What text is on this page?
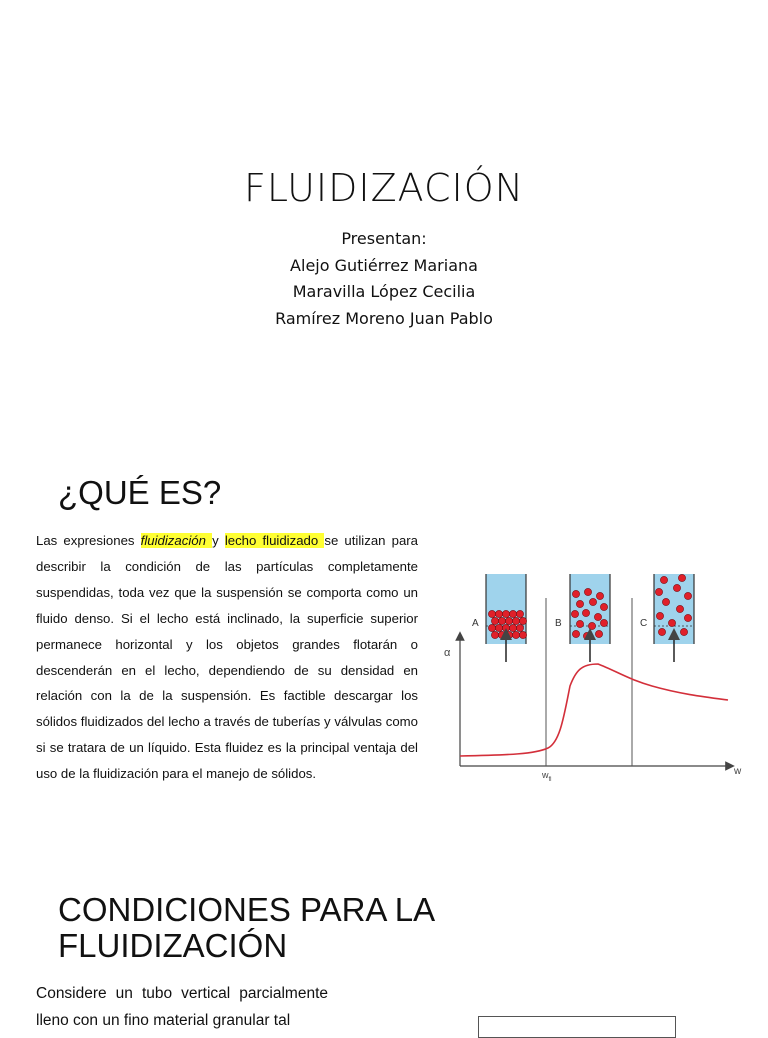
FLUIDIZACIÓN
Presentan:
Alejo Gutiérrez Mariana
Maravilla López Cecilia
Ramírez Moreno Juan Pablo
¿QUÉ ES?
Las expresiones fluidización y lecho fluidizado se utilizan para describir la condición de las partículas completamente suspendidas, toda vez que la suspensión se comporta como un fluido denso. Si el lecho está inclinado, la superficie superior permanece horizontal y los objetos grandes flotarán o descenderán en el lecho, dependiendo de su densidad en relación con la de la suspensión. Es factible descargar los sólidos fluidizados del lecho a través de tuberías y válvulas como si se tratara de un líquido. Esta fluidez es la principal ventaja del uso de la fluidización para el manejo de sólidos.
A	B	C
α
w
$w_{fl}$
CONDICIONES PARA LA
FLUIDIZACIÓN
Considere un tubo vertical parcialmente lleno con un fino material granular tal
